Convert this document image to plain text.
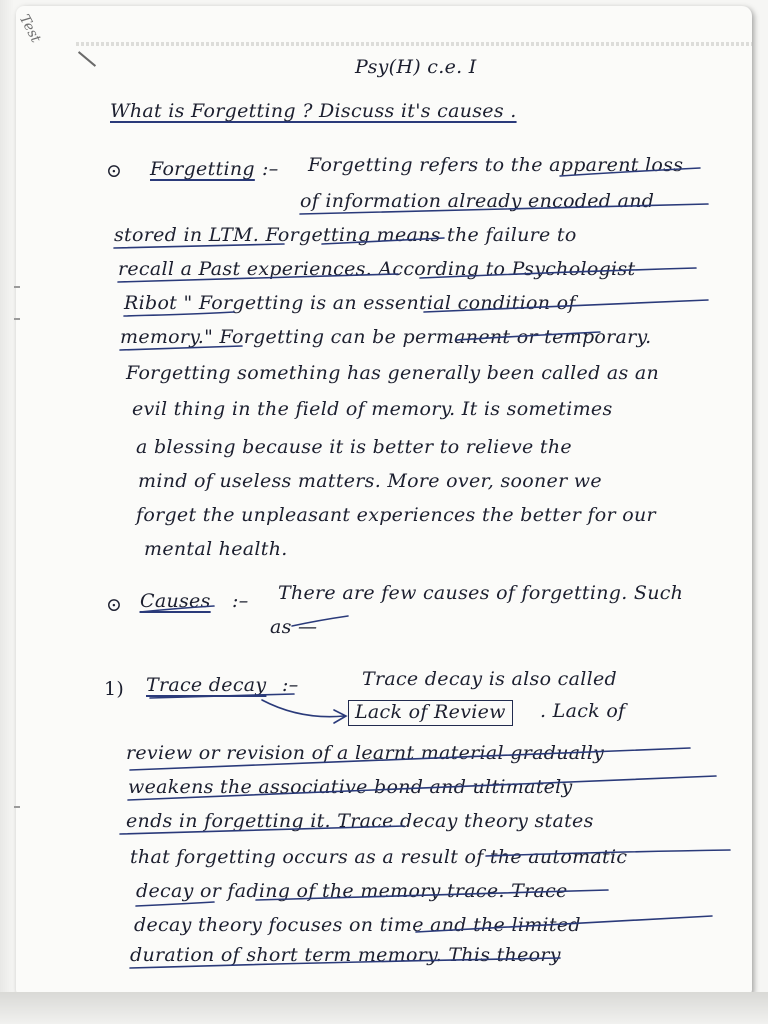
Test
Psy(H) c.e. I
What is Forgetting ? Discuss it's causes .
⊙ Forgetting :– Forgetting refers to the apparent loss
of information already encoded and
stored in LTM. Forgetting means the failure to
recall a Past experiences. According to Psychologist
Ribot " Forgetting is an essential condition of
memory." Forgetting can be permanent or temporary.
Forgetting something has generally been called as an
evil thing in the field of memory. It is sometimes
a blessing because it is better to relieve the
mind of useless matters. More over, sooner we
forget the unpleasant experiences the better for our
mental health.
⊙ Causes :– There are few causes of forgetting. Such
as —
1) Trace decay :–	Trace decay is also called
Lack of Review	. Lack of
review or revision of a learnt material gradually
weakens the associative bond and ultimately
ends in forgetting it. Trace decay theory states
that forgetting occurs as a result of the automatic
decay or fading of the memory trace. Trace
decay theory focuses on time and the limited
duration of short term memory. This theory
